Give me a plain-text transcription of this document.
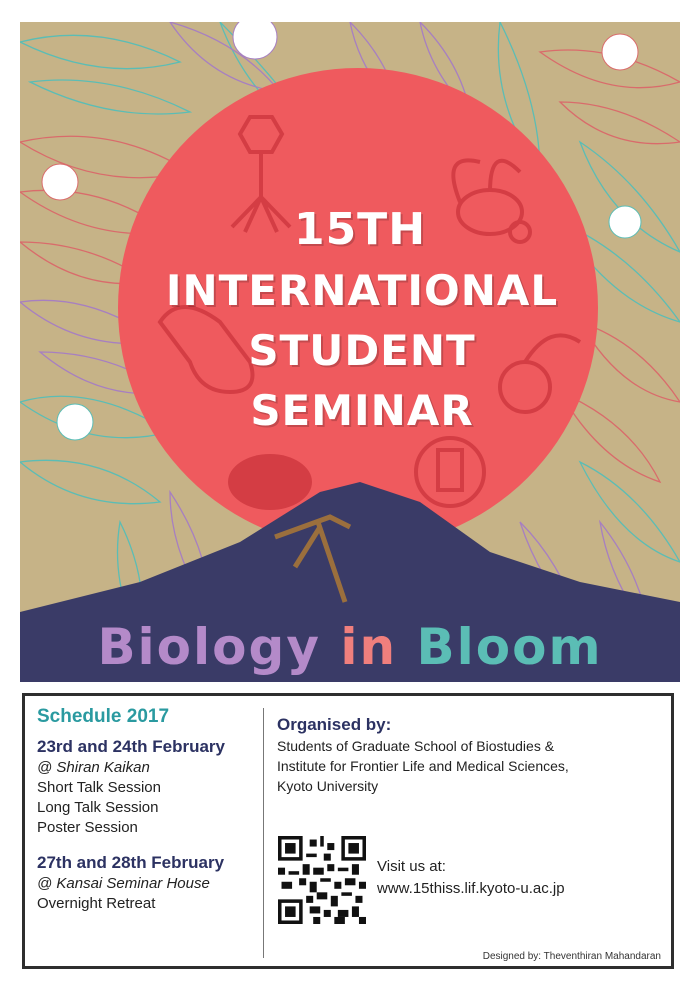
15TH
INTERNATIONAL
STUDENT
SEMINAR
Biology in Bloom
Schedule 2017
23rd and 24th February
@ Shiran Kaikan
Short Talk Session
Long Talk Session
Poster Session
27th and 28th February
@ Kansai Seminar House
Overnight Retreat
Organised by:
Students of Graduate School of Biostudies &
Institute for Frontier Life and Medical Sciences,
Kyoto University
Visit us at:
www.15thiss.lif.kyoto-u.ac.jp
Designed by: Theventhiran Mahandaran
